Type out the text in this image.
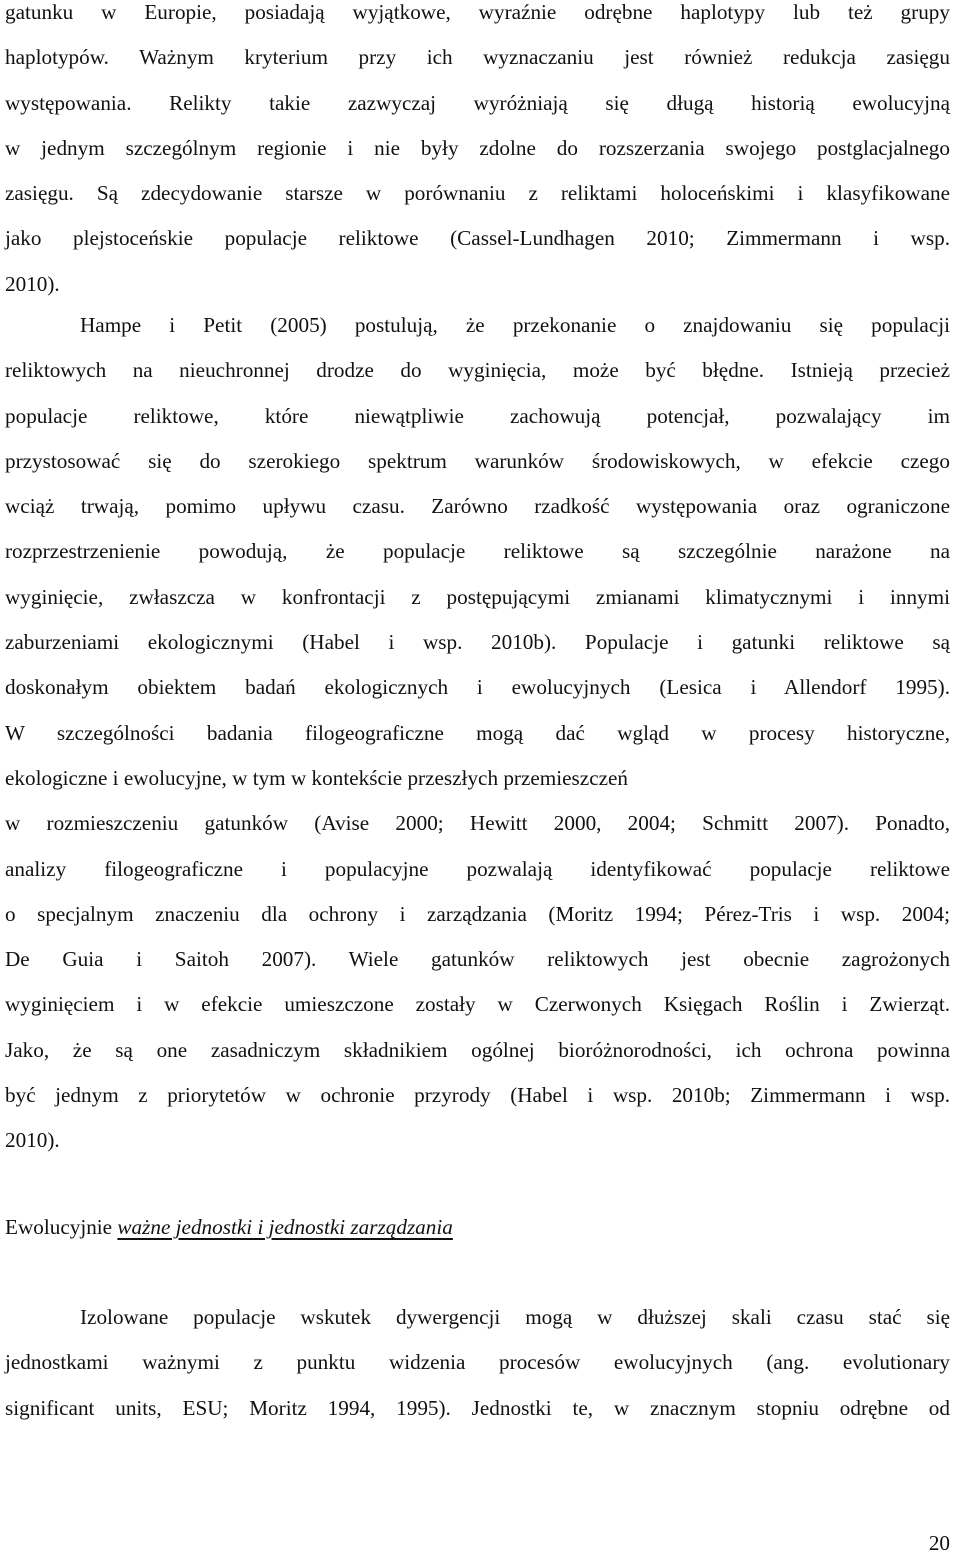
gatunku w Europie, posiadają wyjątkowe, wyraźnie odrębne haplotypy lub też grupy
haplotypów. Ważnym kryterium przy ich wyznaczaniu jest również redukcja zasięgu
występowania. Relikty takie zazwyczaj wyróżniają się długą historią ewolucyjną
w jednym szczególnym regionie i nie były zdolne do rozszerzania swojego postglacjalnego
zasięgu. Są zdecydowanie starsze w porównaniu z reliktami holoceńskimi i klasyfikowane
jako plejstoceńskie populacje reliktowe (Cassel-Lundhagen 2010; Zimmermann i wsp.
2010).

Hampe i Petit (2005) postulują, że przekonanie o znajdowaniu się populacji
reliktowych na nieuchronnej drodze do wyginięcia, może być błędne. Istnieją przecież
populacje reliktowe, które niewątpliwie zachowują potencjał, pozwalający im
przystosować się do szerokiego spektrum warunków środowiskowych, w efekcie czego
wciąż trwają, pomimo upływu czasu. Zarówno rzadkość występowania oraz ograniczone
rozprzestrzenienie powodują, że populacje reliktowe są szczególnie narażone na
wyginięcie, zwłaszcza w konfrontacji z postępującymi zmianami klimatycznymi i innymi
zaburzeniami ekologicznymi (Habel i wsp. 2010b). Populacje i gatunki reliktowe są
doskonałym obiektem badań ekologicznych i ewolucyjnych (Lesica i Allendorf 1995).
W szczególności badania filogeograficzne mogą dać wgląd w procesy historyczne,
ekologiczne i ewolucyjne, w tym w kontekście przeszłych przemieszczeń
w rozmieszczeniu gatunków (Avise 2000; Hewitt 2000, 2004; Schmitt 2007). Ponadto,
analizy filogeograficzne i populacyjne pozwalają identyfikować populacje reliktowe
o specjalnym znaczeniu dla ochrony i zarządzania (Moritz 1994; Pérez-Tris i wsp. 2004;
De Guia i Saitoh 2007). Wiele gatunków reliktowych jest obecnie zagrożonych
wyginięciem i w efekcie umieszczone zostały w Czerwonych Księgach Roślin i Zwierząt.
Jako, że są one zasadniczym składnikiem ogólnej bioróżnorodności, ich ochrona powinna
być jednym z priorytetów w ochronie przyrody (Habel i wsp. 2010b; Zimmermann i wsp.
2010).

Ewolucyjnie ważne jednostki i jednostki zarządzania

Izolowane populacje wskutek dywergencji mogą w dłuższej skali czasu stać się
jednostkami ważnymi z punktu widzenia procesów ewolucyjnych (ang. evolutionary
significant units, ESU; Moritz 1994, 1995). Jednostki te, w znacznym stopniu odrębne od

20
